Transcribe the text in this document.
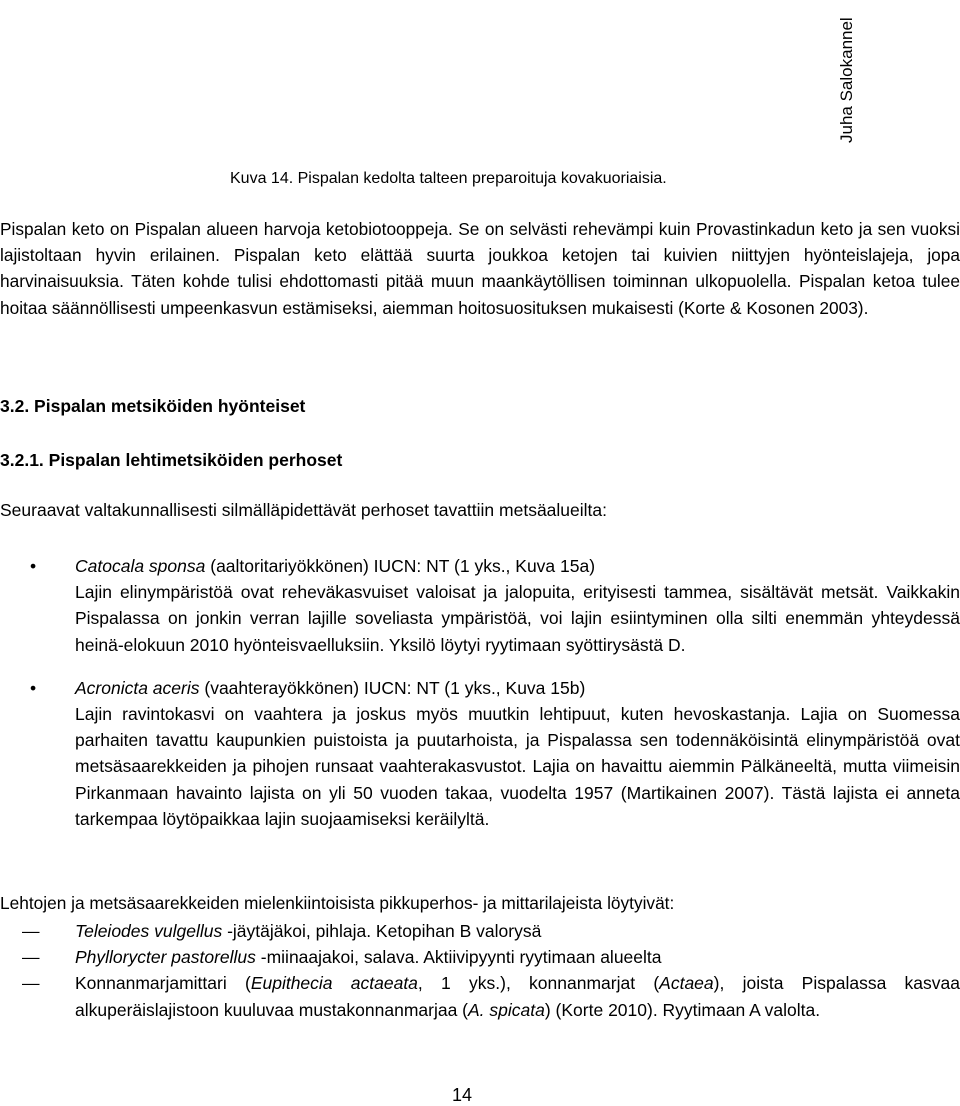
Juha Salokannel
Kuva 14. Pispalan kedolta talteen preparoituja kovakuoriaisia.

Pispalan keto on Pispalan alueen harvoja ketobiotooppeja. Se on selvästi rehevämpi kuin Provastinkadun keto ja sen vuoksi lajistoltaan hyvin erilainen. Pispalan keto elättää suurta joukkoa ketojen tai kuivien niittyjen hyönteislajeja, jopa harvinaisuuksia. Täten kohde tulisi ehdottomasti pitää muun maankäytöllisen toiminnan ulkopuolella. Pispalan ketoa tulee hoitaa säännöllisesti umpeenkasvun estämiseksi, aiemman hoitosuosituksen mukaisesti (Korte & Kosonen 2003).

3.2. Pispalan metsiköiden hyönteiset
3.2.1. Pispalan lehtimetsiköiden perhoset

Seuraavat valtakunnallisesti silmälläpidettävät perhoset tavattiin metsäalueilta:

• Catocala sponsa (aaltoritariyökkönen) IUCN: NT (1 yks., Kuva 15a)
Lajin elinympäristöä ovat reheväkasvuiset valoisat ja jalopuita, erityisesti tammea, sisältävät metsät. Vaikkakin Pispalassa on jonkin verran lajille soveliasta ympäristöä, voi lajin esiintyminen olla silti enemmän yhteydessä heinä-elokuun 2010 hyönteisvaelluksiin. Yksilö löytyi ryytimaan syöttirysästä D.
• Acronicta aceris (vaahterayökkönen) IUCN: NT (1 yks., Kuva 15b)
Lajin ravintokasvi on vaahtera ja joskus myös muutkin lehtipuut, kuten hevoskastanja. Lajia on Suomessa parhaiten tavattu kaupunkien puistoista ja puutarhoista, ja Pispalassa sen todennäköisintä elinympäristöä ovat metsäsaarekkeiden ja pihojen runsaat vaahterakasvustot. Lajia on havaittu aiemmin Pälkäneeltä, mutta viimeisin Pirkanmaan havainto lajista on yli 50 vuoden takaa, vuodelta 1957 (Martikainen 2007). Tästä lajista ei anneta tarkempaa löytöpaikkaa lajin suojaamiseksi keräilyltä.

Lehtojen ja metsäsaarekkeiden mielenkiintoisista pikkuperhos- ja mittarilajeista löytyivät:

— Teleiodes vulgellus -jäytäjäkoi, pihlaja. Ketopihan B valorysä
— Phyllorycter pastorellus -miinaajakoi, salava. Aktiivipyynti ryytimaan alueelta
— Konnanmarjamittari (Eupithecia actaeata, 1 yks.), konnanmarjat (Actaea), joista Pispalassa kasvaa alkuperäislajistoon kuuluvaa mustakonnanmarjaa (A. spicata) (Korte 2010). Ryytimaan A valolta.
14
